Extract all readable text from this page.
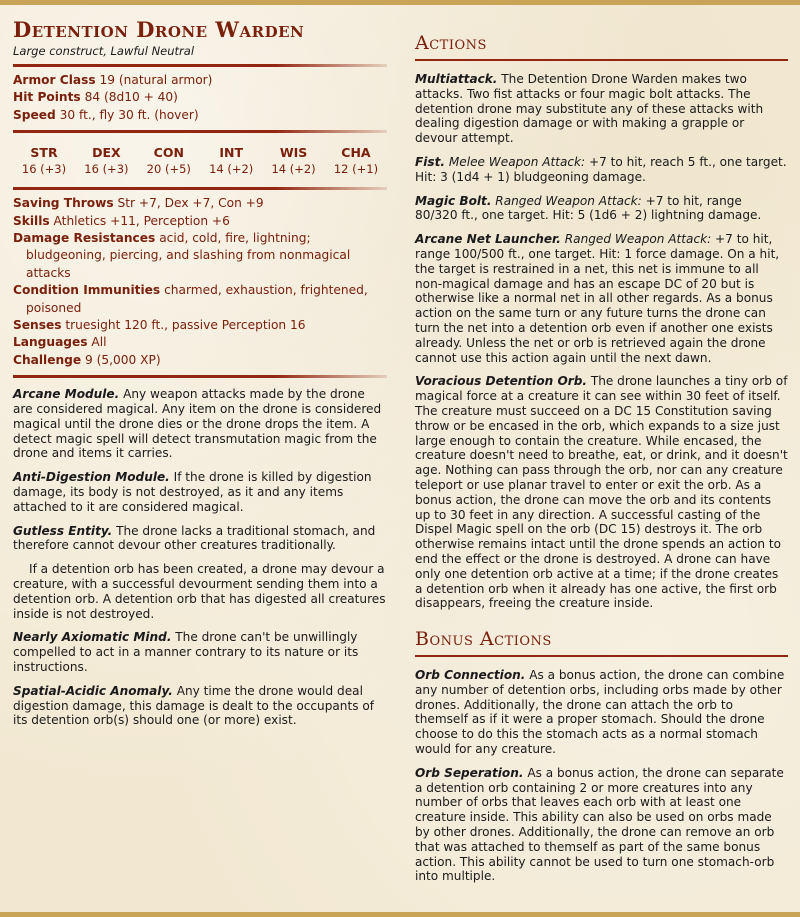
Detention Drone Warden
Large construct, Lawful Neutral
Armor Class 19 (natural armor)
Hit Points 84 (8d10 + 40)
Speed 30 ft., fly 30 ft. (hover)
STR
16 (+3)
DEX
16 (+3)
CON
20 (+5)
INT
14 (+2)
WIS
14 (+2)
CHA
12 (+1)
Saving Throws Str +7, Dex +7, Con +9
Skills Athletics +11, Perception +6
Damage Resistances acid, cold, fire, lightning; bludgeoning, piercing, and slashing from nonmagical attacks
Condition Immunities charmed, exhaustion, frightened, poisoned
Senses truesight 120 ft., passive Perception 16
Languages All
Challenge 9 (5,000 XP)
Arcane Module. Any weapon attacks made by the drone are considered magical. Any item on the drone is considered magical until the drone dies or the drone drops the item. A detect magic spell will detect transmutation magic from the drone and items it carries.
Anti-Digestion Module. If the drone is killed by digestion damage, its body is not destroyed, as it and any items attached to it are considered magical.
Gutless Entity. The drone lacks a traditional stomach, and therefore cannot devour other creatures traditionally.
If a detention orb has been created, a drone may devour a creature, with a successful devourment sending them into a detention orb. A detention orb that has digested all creatures inside is not destroyed.
Nearly Axiomatic Mind. The drone can't be unwillingly compelled to act in a manner contrary to its nature or its instructions.
Spatial-Acidic Anomaly. Any time the drone would deal digestion damage, this damage is dealt to the occupants of its detention orb(s) should one (or more) exist.
Actions
Multiattack. The Detention Drone Warden makes two attacks. Two fist attacks or four magic bolt attacks. The detention drone may substitute any of these attacks with dealing digestion damage or with making a grapple or devour attempt.
Fist. Melee Weapon Attack: +7 to hit, reach 5 ft., one target. Hit: 3 (1d4 + 1) bludgeoning damage.
Magic Bolt. Ranged Weapon Attack: +7 to hit, range 80/320 ft., one target. Hit: 5 (1d6 + 2) lightning damage.
Arcane Net Launcher. Ranged Weapon Attack: +7 to hit, range 100/500 ft., one target. Hit: 1 force damage. On a hit, the target is restrained in a net, this net is immune to all non-magical damage and has an escape DC of 20 but is otherwise like a normal net in all other regards. As a bonus action on the same turn or any future turns the drone can turn the net into a detention orb even if another one exists already. Unless the net or orb is retrieved again the drone cannot use this action again until the next dawn.
Voracious Detention Orb. The drone launches a tiny orb of magical force at a creature it can see within 30 feet of itself. The creature must succeed on a DC 15 Constitution saving throw or be encased in the orb, which expands to a size just large enough to contain the creature. While encased, the creature doesn't need to breathe, eat, or drink, and it doesn't age. Nothing can pass through the orb, nor can any creature teleport or use planar travel to enter or exit the orb. As a bonus action, the drone can move the orb and its contents up to 30 feet in any direction. A successful casting of the Dispel Magic spell on the orb (DC 15) destroys it. The orb otherwise remains intact until the drone spends an action to end the effect or the drone is destroyed. A drone can have only one detention orb active at a time; if the drone creates a detention orb when it already has one active, the first orb disappears, freeing the creature inside.
Bonus Actions
Orb Connection. As a bonus action, the drone can combine any number of detention orbs, including orbs made by other drones. Additionally, the drone can attach the orb to themself as if it were a proper stomach. Should the drone choose to do this the stomach acts as a normal stomach would for any creature.
Orb Seperation. As a bonus action, the drone can separate a detention orb containing 2 or more creatures into any number of orbs that leaves each orb with at least one creature inside. This ability can also be used on orbs made by other drones. Additionally, the drone can remove an orb that was attached to themself as part of the same bonus action. This ability cannot be used to turn one stomach-orb into multiple.
